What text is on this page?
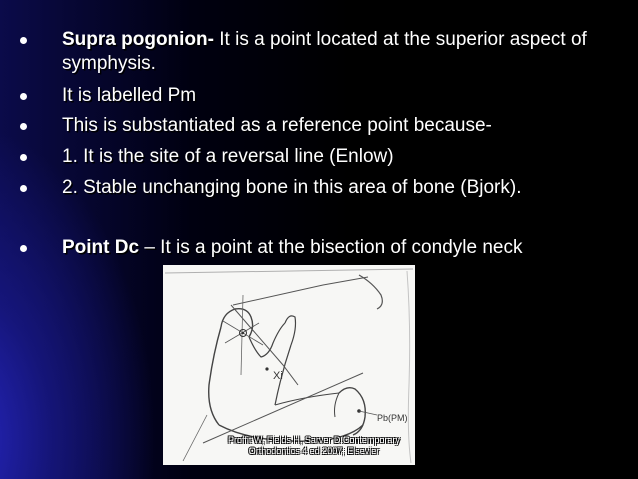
Supra pogonion- It is a point located at the superior aspect of symphysis.
It is labelled Pm
This is substantiated as a reference point because-
1. It is the site of a reversal line (Enlow)
2. Stable unchanging bone in this area of bone (Bjork).
Point Dc – It is a point at the bisection of condyle neck
Xi
Pb(PM)
Proffit W, Fields H, Sarver D.Contemporary
Orthodontics 4 ed 2007; Elsevier
